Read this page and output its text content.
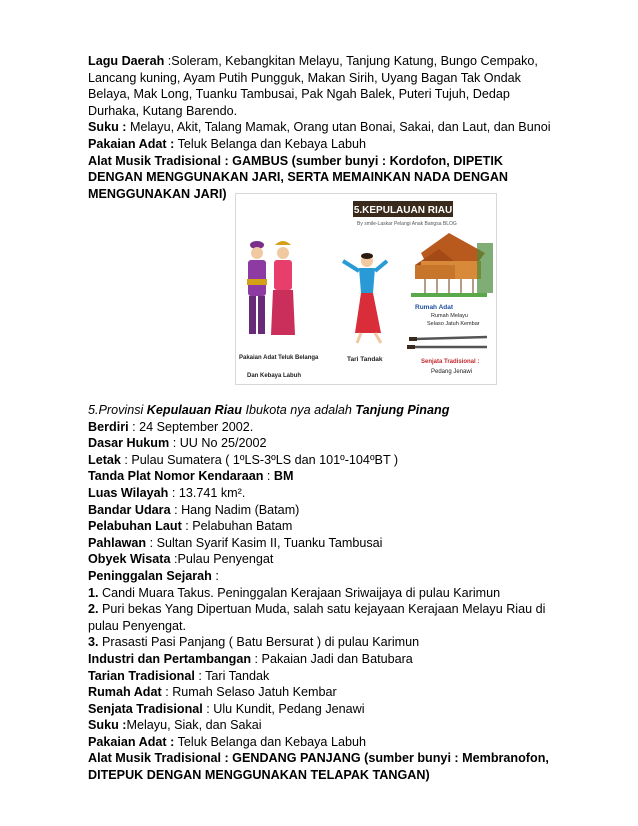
Lagu Daerah :Soleram, Kebangkitan Melayu, Tanjung Katung, Bungo Cempako, Lancang kuning, Ayam Putih Pungguk, Makan Sirih, Uyang Bagan Tak Ondak Belaya, Mak Long, Tuanku Tambusai, Pak Ngah Balek, Puteri Tujuh, Dedap Durhaka, Kutang Barendo.

Suku : Melayu, Akit, Talang Mamak, Orang utan Bonai, Sakai, dan Laut, dan Bunoi

Pakaian Adat : Teluk Belanga dan Kebaya Labuh

Alat Musik Tradisional : GAMBUS (sumber bunyi : Kordofon, DIPETIK DENGAN MENGGUNAKAN JARI, SERTA MEMAINKAN NADA DENGAN MENGGUNAKAN JARI)

5.KEPULAUAN RIAU
By smile-Laskar Pelangi Anak Bangsa BLOG
Pakaian Adat Teluk Belanga
Dan Kebaya Labuh
Tari Tandak
Rumah Adat
Rumah Melayu
Selaso Jatuh Kembar
Senjata Tradisional :
Pedang Jenawi

5.Provinsi Kepulauan Riau Ibukota nya adalah Tanjung Pinang

Berdiri : 24 September 2002.

Dasar Hukum : UU No 25/2002

Letak : Pulau Sumatera ( 1ºLS-3ºLS dan 101º-104ºBT )

Tanda Plat Nomor Kendaraan : BM

Luas Wilayah : 13.741 km².

Bandar Udara : Hang Nadim (Batam)

Pelabuhan Laut : Pelabuhan Batam

Pahlawan : Sultan Syarif Kasim II, Tuanku Tambusai

Obyek Wisata :Pulau Penyengat

Peninggalan Sejarah :

1. Candi Muara Takus. Peninggalan Kerajaan Sriwaijaya di pulau Karimun

2. Puri bekas Yang Dipertuan Muda, salah satu kejayaan Kerajaan Melayu Riau di pulau Penyengat.

3. Prasasti Pasi Panjang ( Batu Bersurat ) di pulau Karimun

Industri dan Pertambangan : Pakaian Jadi dan Batubara

Tarian Tradisional : Tari Tandak

Rumah Adat : Rumah Selaso Jatuh Kembar

Senjata Tradisional : Ulu Kundit, Pedang Jenawi

Suku :Melayu, Siak, dan Sakai

Pakaian Adat : Teluk Belanga dan Kebaya Labuh

Alat Musik Tradisional : GENDANG PANJANG (sumber bunyi : Membranofon, DITEPUK DENGAN MENGGUNAKAN TELAPAK TANGAN)
